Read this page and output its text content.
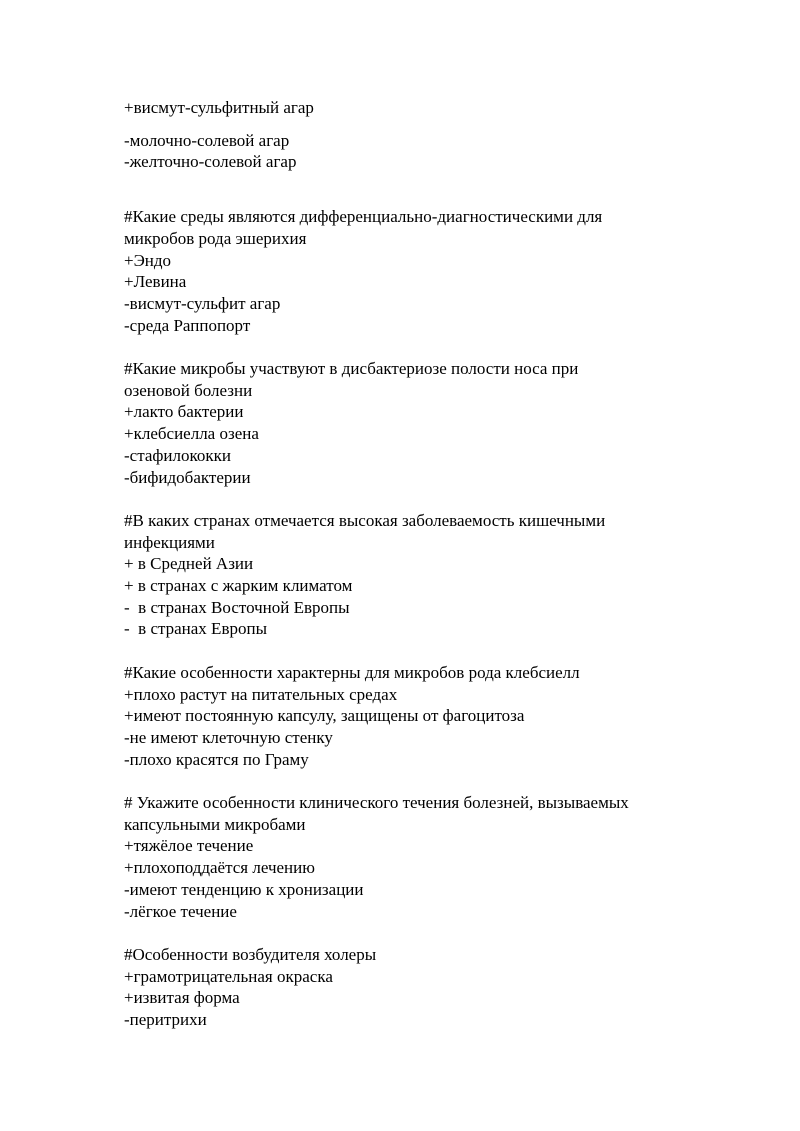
+висмут-сульфитный агар
-молочно-солевой агар
-желточно-солевой агар
#Какие среды являются дифференциально-диагностическими для
микробов рода эшерихия
+Эндо
+Левина
-висмут-сульфит агар
-среда Раппопорт
#Какие микробы участвуют в дисбактериозе полости носа при
озеновой болезни
+лакто бактерии
+клебсиелла озена
-стафилококки
-бифидобактерии
#В каких странах отмечается высокая заболеваемость кишечными
инфекциями
+ в Средней Азии
+ в странах с жарким климатом
-  в странах Восточной Европы
-  в странах Европы
#Какие особенности характерны для микробов рода клебсиелл
+плохо растут на питательных средах
+имеют постоянную капсулу, защищены от фагоцитоза
-не имеют клеточную стенку
-плохо красятся по Граму
# Укажите особенности клинического течения болезней, вызываемых
капсульными микробами
+тяжёлое течение
+плохоподдаётся лечению
-имеют тенденцию к хронизации
-лёгкое течение
#Особенности возбудителя холеры
+грамотрицательная окраска
+извитая форма
-перитрихи
